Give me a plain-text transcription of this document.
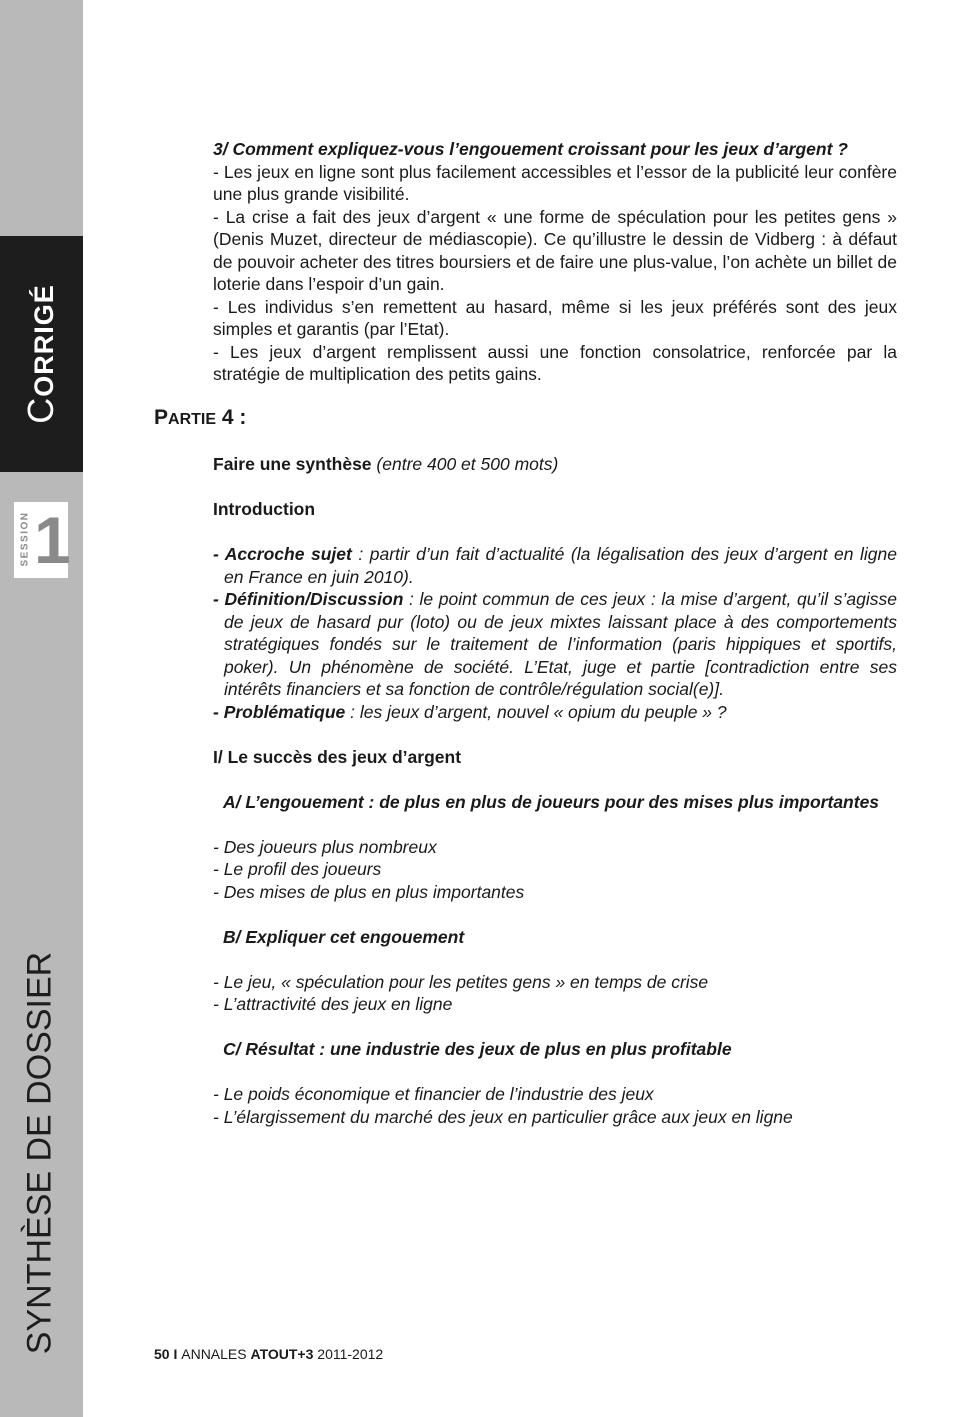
CORRIGÉ
SESSION 1
SYNTHÈSE DE DOSSIER

3/ Comment expliquez-vous l’engouement croissant pour les jeux d’argent ?

- Les jeux en ligne sont plus facilement accessibles et l’essor de la publicité leur confère une plus grande visibilité.

- La crise a fait des jeux d’argent « une forme de spéculation pour les petites gens » (Denis Muzet, directeur de médiascopie). Ce qu’illustre le dessin de Vidberg : à défaut de pouvoir acheter des titres boursiers et de faire une plus-value, l’on achète un billet de loterie dans l’espoir d’un gain.

- Les individus s’en remettent au hasard, même si les jeux préférés sont des jeux simples et garantis (par l’Etat).

- Les jeux d’argent remplissent aussi une fonction consolatrice, renforcée par la stratégie de multiplication des petits gains.

Faire une synthèse (entre 400 et 500 mots)

Introduction

- Accroche sujet : partir d’un fait d’actualité (la légalisation des jeux d’argent en ligne en France en juin 2010).

- Définition/Discussion : le point commun de ces jeux : la mise d’argent, qu’il s’agisse de jeux de hasard pur (loto) ou de jeux mixtes laissant place à des comportements stratégiques fondés sur le traitement de l’information (paris hippiques et sportifs, poker). Un phénomène de société. L’Etat, juge et partie [contradiction entre ses intérêts financiers et sa fonction de contrôle/régulation social(e)].

- Problématique : les jeux d’argent, nouvel « opium du peuple » ?

I/ Le succès des jeux d’argent

A/ L’engouement : de plus en plus de joueurs pour des mises plus importantes

- Des joueurs plus nombreux

- Le profil des joueurs

- Des mises de plus en plus importantes

B/ Expliquer cet engouement

- Le jeu, « spéculation pour les petites gens » en temps de crise

- L’attractivité des jeux en ligne

C/ Résultat : une industrie des jeux de plus en plus profitable

- Le poids économique et financier de l’industrie des jeux

- L’élargissement du marché des jeux en particulier grâce aux jeux en ligne

PARTIE 4 :
50 I ANNALES ATOUT+3 2011-2012
